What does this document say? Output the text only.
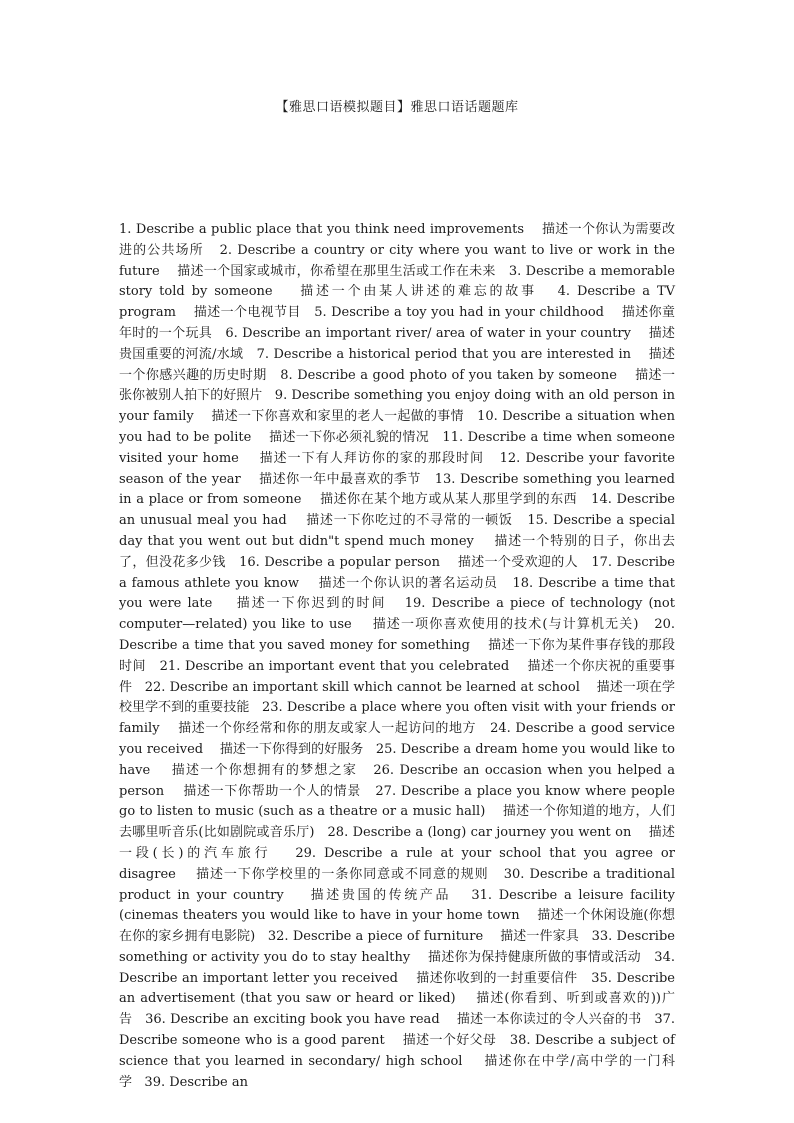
【雅思口语模拟题目】雅思口语话题题库
1. Describe a public place that you think need improvements 描述一个你认为需要改进的公共场所 2. Describe a country or city where you want to live or work in the future 描述一个国家或城市，你希望在那里生活或工作在未来 3. Describe a memorable story told by someone 描述一个由某人讲述的难忘的故事 4. Describe a TV program 描述一个电视节目 5. Describe a toy you had in your childhood 描述你童年时的一个玩具 6. Describe an important river/ area of water in your country 描述贵国重要的河流/水域 7. Describe a historical period that you are interested in 描述一个你感兴趣的历史时期 8. Describe a good photo of you taken by someone 描述一张你被别人拍下的好照片 9. Describe something you enjoy doing with an old person in your family 描述一下你喜欢和家里的老人一起做的事情 10. Describe a situation when you had to be polite 描述一下你必须礼貌的情况 11. Describe a time when someone visited your home 描述一下有人拜访你的家的那段时间 12. Describe your favorite season of the year 描述你一年中最喜欢的季节 13. Describe something you learned in a place or from someone 描述你在某个地方或从某人那里学到的东西 14. Describe an unusual meal you had 描述一下你吃过的不寻常的一顿饭 15. Describe a special day that you went out but didn"t spend much money 描述一个特别的日子，你出去了，但没花多少钱 16. Describe a popular person 描述一个受欢迎的人 17. Describe a famous athlete you know 描述一个你认识的著名运动员 18. Describe a time that you were late 描述一下你迟到的时间 19. Describe a piece of technology (not computer—related) you like to use 描述一项你喜欢使用的技术(与计算机无关) 20.Describe a time that you saved money for something 描述一下你为某件事存钱的那段时间 21. Describe an important event that you celebrated 描述一个你庆祝的重要事件 22. Describe an important skill which cannot be learned at school 描述一项在学校里学不到的重要技能 23. Describe a place where you often visit with your friends or family 描述一个你经常和你的朋友或家人一起访问的地方 24. Describe a good service you received 描述一下你得到的好服务 25. Describe a dream home you would like to have 描述一个你想拥有的梦想之家 26. Describe an occasion when you helped a person 描述一下你帮助一个人的情景 27. Describe a place you know where people go to listen to music (such as a theatre or a music hall) 描述一个你知道的地方，人们去哪里听音乐(比如剧院或音乐厅) 28. Describe a (long) car journey you went on 描述一段(长)的汽车旅行 29. Describe a rule at your school that you agree or disagree 描述一下你学校里的一条你同意或不同意的规则 30. Describe a traditional product in your country 描述贵国的传统产品 31. Describe a leisure facility (cinemas theaters you would like to have in your home town 描述一个休闲设施(你想在你的家乡拥有电影院) 32. Describe a piece of furniture 描述一件家具 33. Describe something or activity you do to stay healthy 描述你为保持健康所做的事情或活动 34.Describe an important letter you received 描述你收到的一封重要信件 35. Describe an advertisement (that you saw or heard or liked) 描述(你看到、听到或喜欢的))广告 36. Describe an exciting book you have read 描述一本你读过的令人兴奋的书 37.Describe someone who is a good parent 描述一个好父母 38. Describe a subject of science that you learned in secondary/ high school 描述你在中学/高中学的一门科学 39. Describe an
